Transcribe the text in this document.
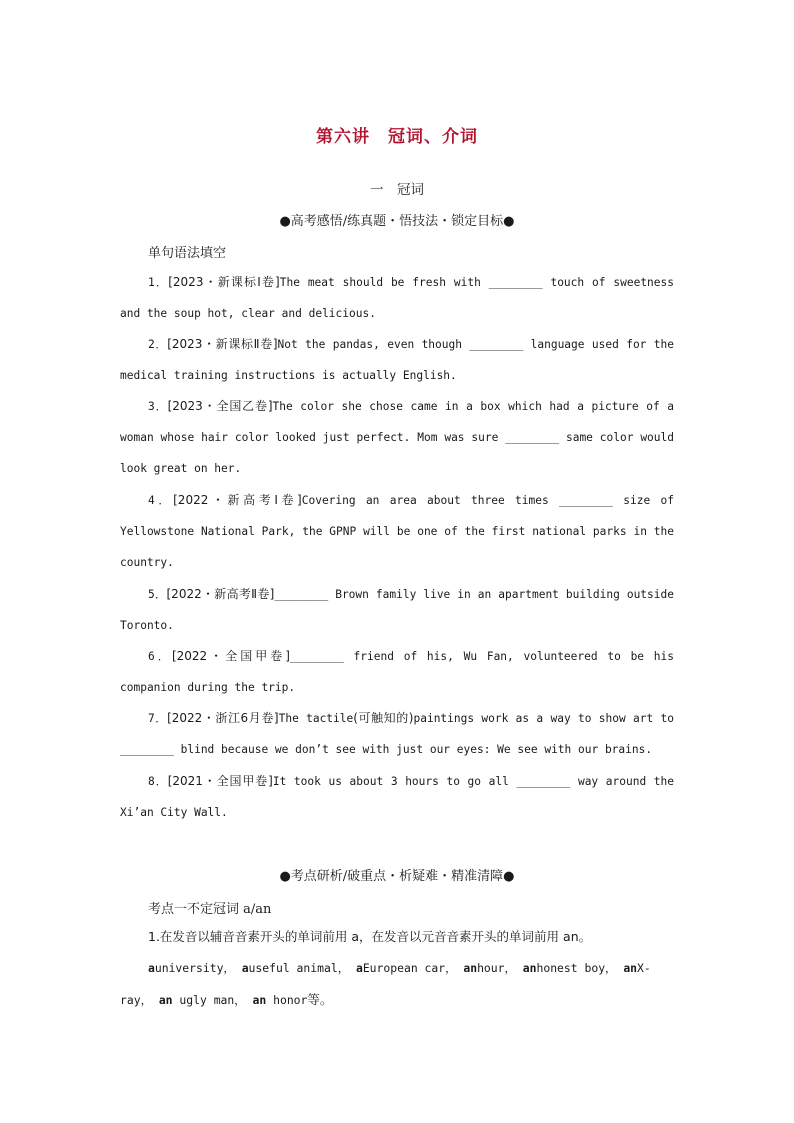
第六讲　冠词、介词
一　冠词
●高考感悟/练真题・悟技法・锁定目标●
单句语法填空
1．[2023・新课标Ⅰ卷]The meat should be fresh with ________ touch of sweetness and the soup hot, clear and delicious.
2．[2023・新课标Ⅱ卷]Not the pandas, even though ________ language used for the medical training instructions is actually English.
3．[2023・全国乙卷]The color she chose came in a box which had a picture of a woman whose hair color looked just perfect. Mom was sure ________ same color would look great on her.
4．[2022・新高考Ⅰ卷]Covering an area about three times ________ size of Yellowstone National Park, the GPNP will be one of the first national parks in the country.
5．[2022・新高考Ⅱ卷]________ Brown family live in an apartment building outside Toronto.
6．[2022・全国甲卷]________ friend of his, Wu Fan, volunteered to be his companion during the trip.
7．[2022・浙江6月卷]The tactile(可触知的)paintings work as a way to show art to ________ blind because we don’t see with just our eyes: We see with our brains.
8．[2021・全国甲卷]It took us about 3 hours to go all ________ way around the Xi’an City Wall.
●考点研析/破重点・析疑难・精准清障●
考点一不定冠词 a/an
1.在发音以辅音音素开头的单词前用 a，在发音以元音音素开头的单词前用 an。
auniversity， auseful animal， aEuropean car， anhour， anhonest boy， anX-ray， an ugly man， an honor等。
